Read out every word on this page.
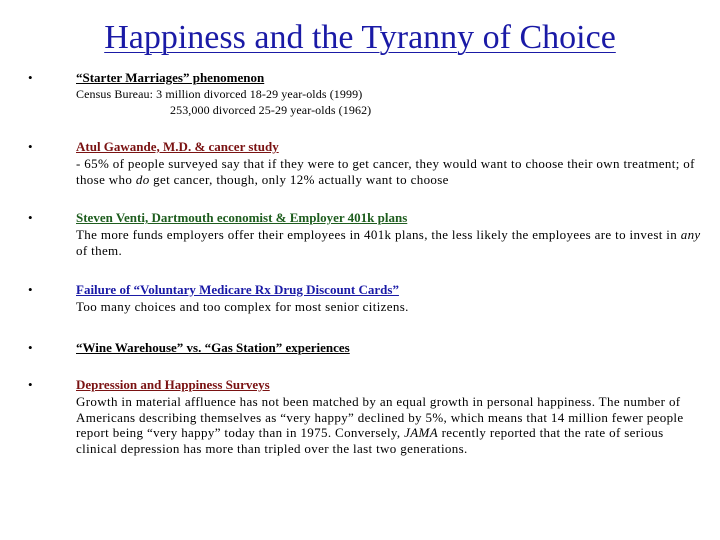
Happiness and the Tyranny of Choice
•	“Starter Marriages” phenomenon
Census Bureau: 3 million divorced 18-29 year-olds (1999)
253,000 divorced 25-29 year-olds (1962)
•	Atul Gawande, M.D. & cancer study
- 65% of people surveyed say that if they were to get cancer, they would want to choose their own treatment; of those who do get cancer, though, only 12% actually want to choose
•	Steven Venti, Dartmouth economist & Employer 401k plans
The more funds employers offer their employees in 401k plans, the less likely the employees are to invest in any of them.
•	Failure of “Voluntary Medicare Rx Drug Discount Cards”
Too many choices and too complex for most senior citizens.
•	“Wine Warehouse” vs. “Gas Station” experiences
•	Depression and Happiness Surveys
Growth in material affluence has not been matched by an equal growth in personal happiness. The number of Americans describing themselves as “very happy” declined by 5%, which means that 14 million fewer people report being “very happy” today than in 1975. Conversely, JAMA recently reported that the rate of serious clinical depression has more than tripled over the last two generations.
